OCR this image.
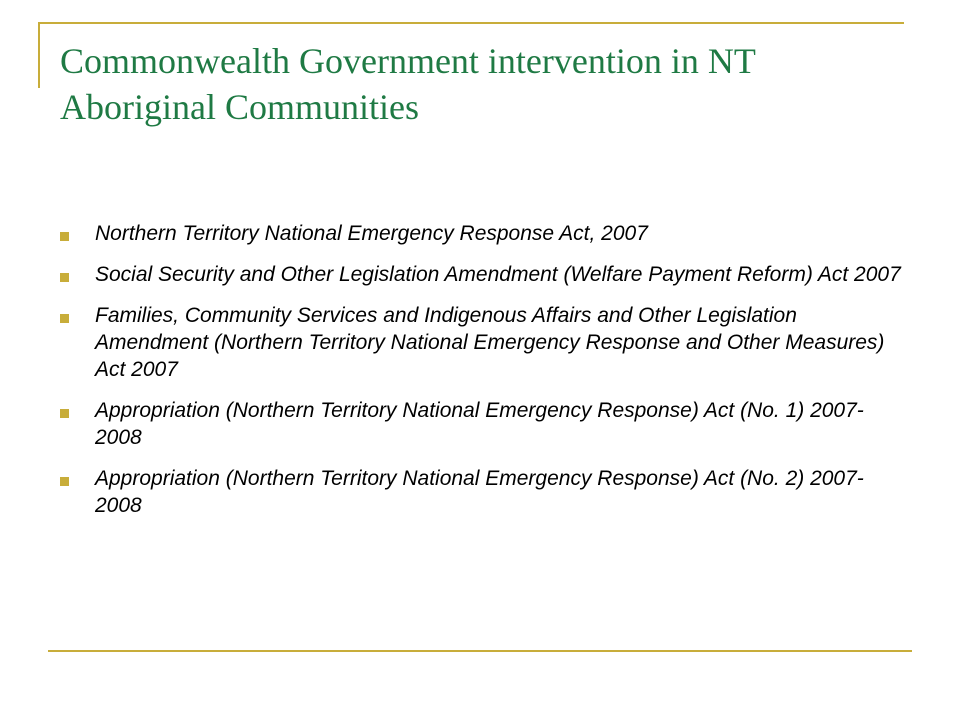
Commonwealth Government intervention in NT
Aboriginal Communities
Northern Territory National Emergency Response Act, 2007
Social Security and Other Legislation Amendment (Welfare Payment Reform) Act 2007
Families, Community Services and Indigenous Affairs and Other Legislation Amendment (Northern Territory National Emergency Response and Other Measures) Act 2007
Appropriation (Northern Territory National Emergency Response) Act (No. 1) 2007-2008
Appropriation (Northern Territory National Emergency Response) Act (No. 2) 2007-2008
